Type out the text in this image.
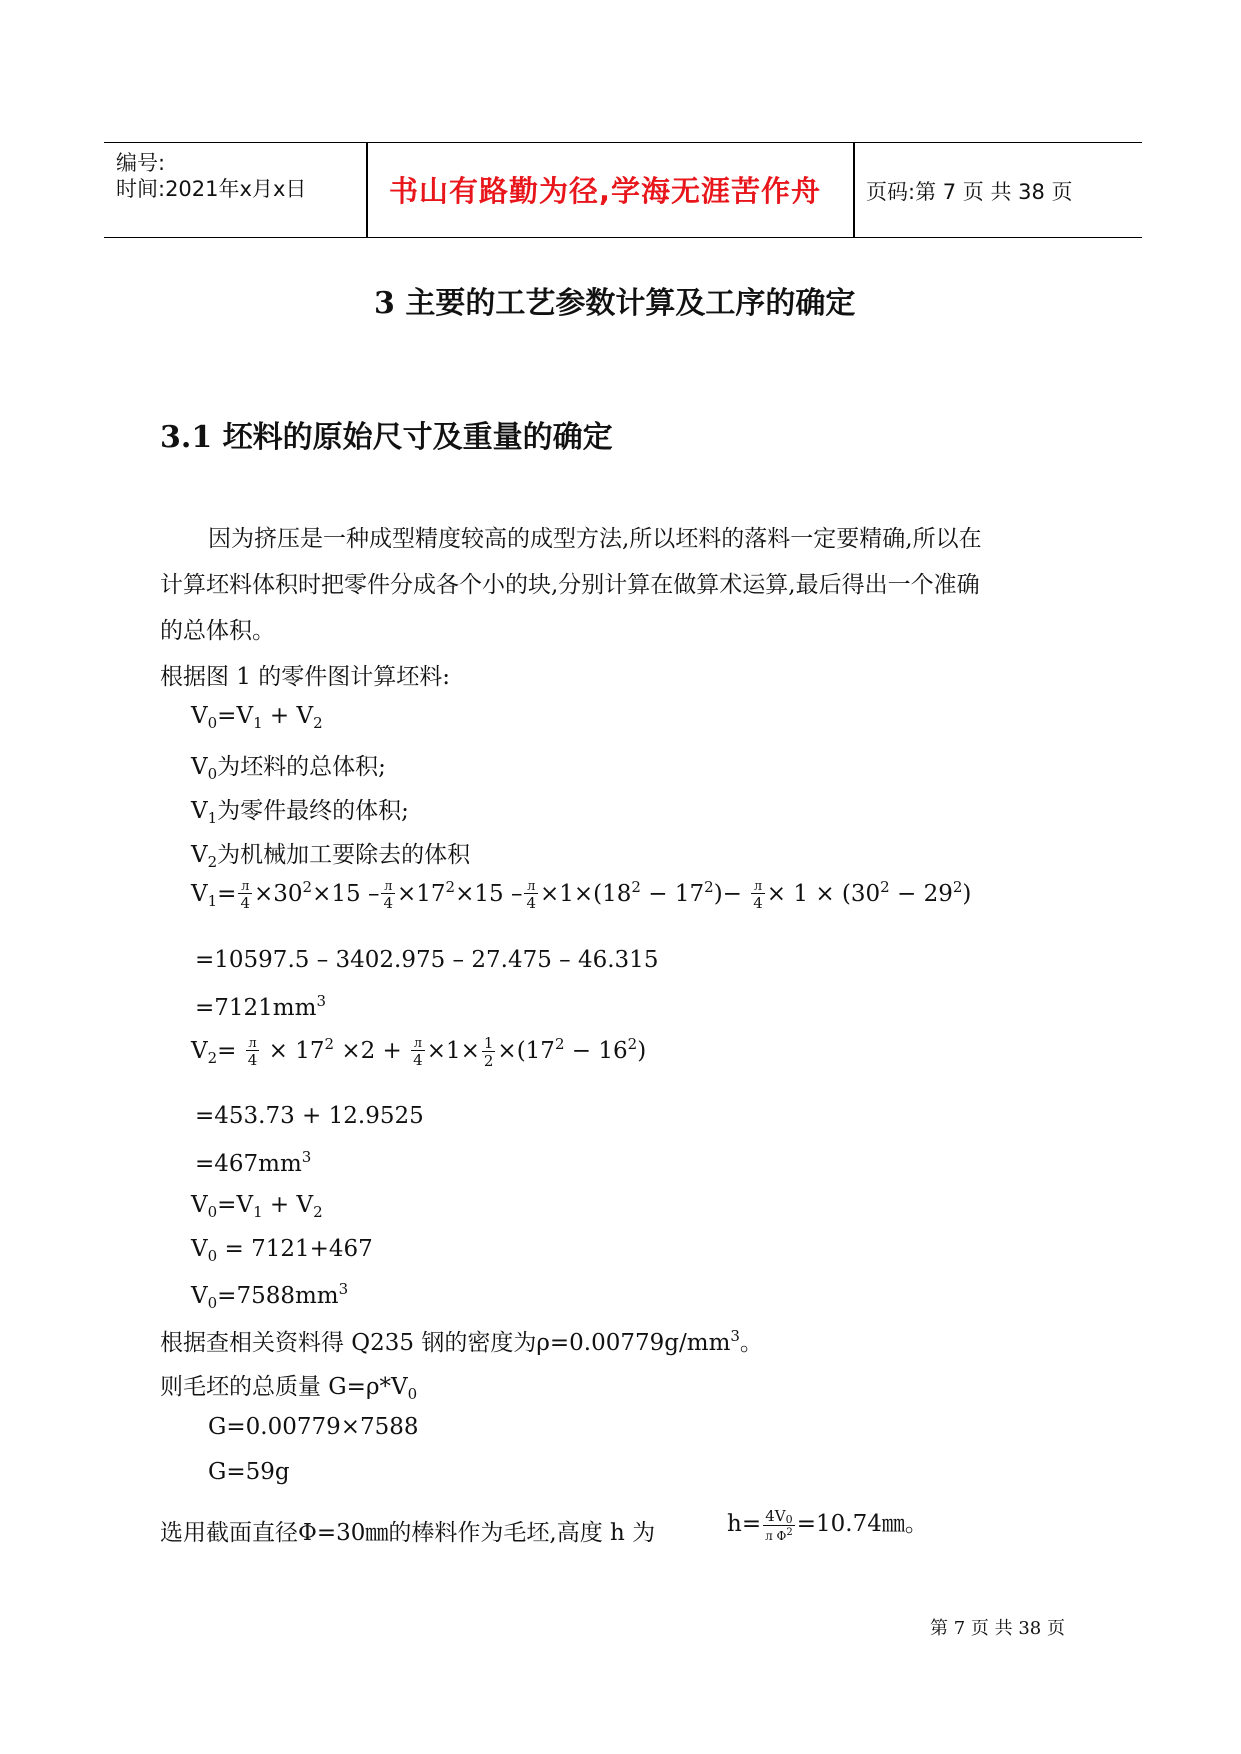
编号:
时间:2021年x月x日	书山有路勤为径,学海无涯苦作舟 页码:第 7 页 共 38 页
3 主要的工艺参数计算及工序的确定
3.1 坯料的原始尺寸及重量的确定
因为挤压是一种成型精度较高的成型方法,所以坯料的落料一定要精确,所以在
计算坯料体积时把零件分成各个小的块,分别计算在做算术运算,最后得出一个准确
的总体积。
根据图 1 的零件图计算坯料:
$V_0=V_1 + V_2$
$V_0$为坯料的总体积;
$V_1$为零件最终的体积;
$V_2$为机械加工要除去的体积
$V_1= \frac{л}{4} \times 30^2\times 15 - \frac{л}{4} \times 17^2\times 15 - \frac{л}{4} \times 1\times(18^2 - 17^2)- \frac{л}{4} \times 1 \times (30^2 - 29^2)$
=10597.5 – 3402.975 – 27.475 – 46.315
$=7121mm^3$
$V_2= \frac{л}{4} \times 17^2 \times 2 + \frac{л}{4} \times 1\times \frac{1}{2} \times(17^2 - 16^2)$
=453.73 + 12.9525
$=467mm^3$
$V_0=V_1 + V_2$
$V_0 = 7121+467$
$V_0=7588mm^3$
根据查相关资料得 Q235 钢的密度为$\rho=0.00779g/mm^3$。
则毛坯的总质量 $G=\rho*V_0$
G=0.00779×7588
G=59g
选用截面直径Φ=30㎜的棒料作为毛坯,高度 h 为	$h= \frac{4V_0}{л \Phi^2}$ =10.74㎜。
第 7 页 共 38 页
